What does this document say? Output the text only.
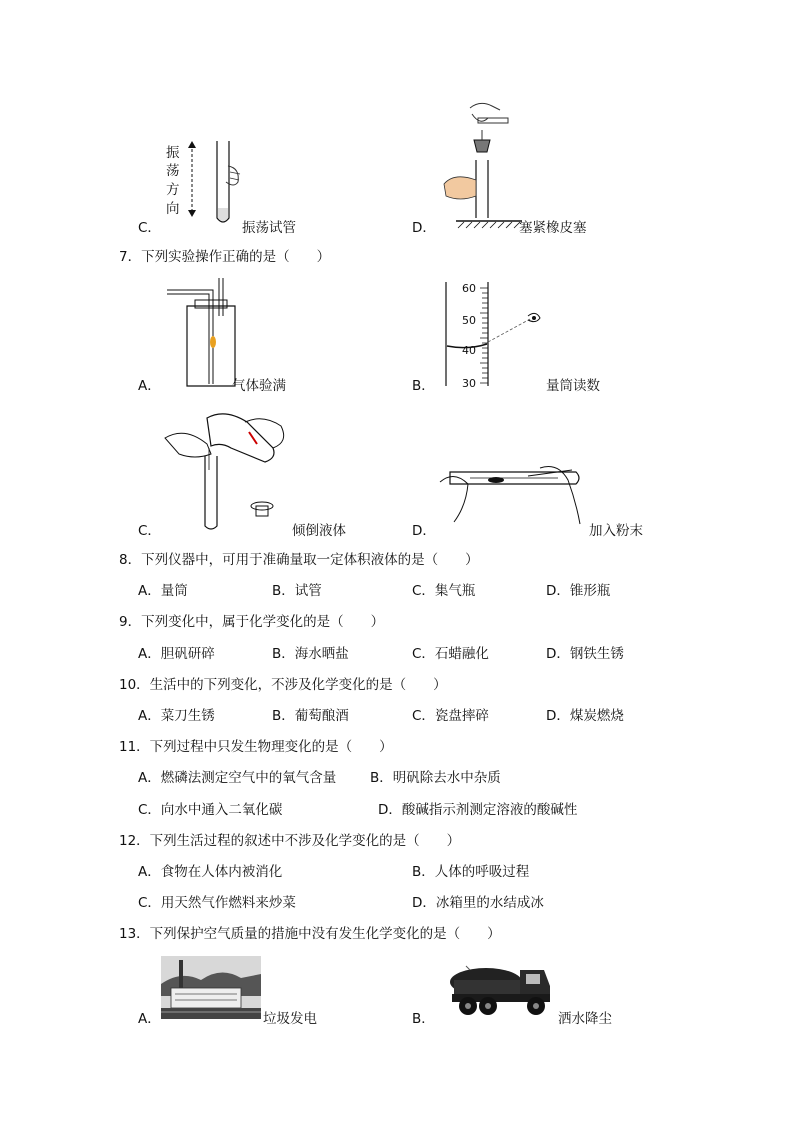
振
荡
方
向
C．	振荡试管	D．	塞紧橡皮塞
7．下列实验操作正确的是（　　）
A．	气体验满
60
50
40
30
B．	量筒读数
C．	倾倒液体	D．	加入粉末
8．下列仪器中，可用于准确量取一定体积液体的是（　　）
A．量筒	B．试管	C．集气瓶	D．锥形瓶
9．下列变化中，属于化学变化的是（　　）
A．胆矾研碎	B．海水晒盐	C．石蜡融化	D．钢铁生锈
10．生活中的下列变化，不涉及化学变化的是（　　）
A．菜刀生锈	B．葡萄酿酒	C．瓷盘摔碎	D．煤炭燃烧
11．下列过程中只发生物理变化的是（　　）
A．燃磷法测定空气中的氧气含量	B．明矾除去水中杂质
C．向水中通入二氧化碳	D．酸碱指示剂测定溶液的酸碱性
12．下列生活过程的叙述中不涉及化学变化的是（　　）
A．食物在人体内被消化	B．人体的呼吸过程
C．用天然气作燃料来炒菜	D．冰箱里的水结成冰
13．下列保护空气质量的措施中没有发生化学变化的是（　　）
A．	垃圾发电	B．	洒水降尘
